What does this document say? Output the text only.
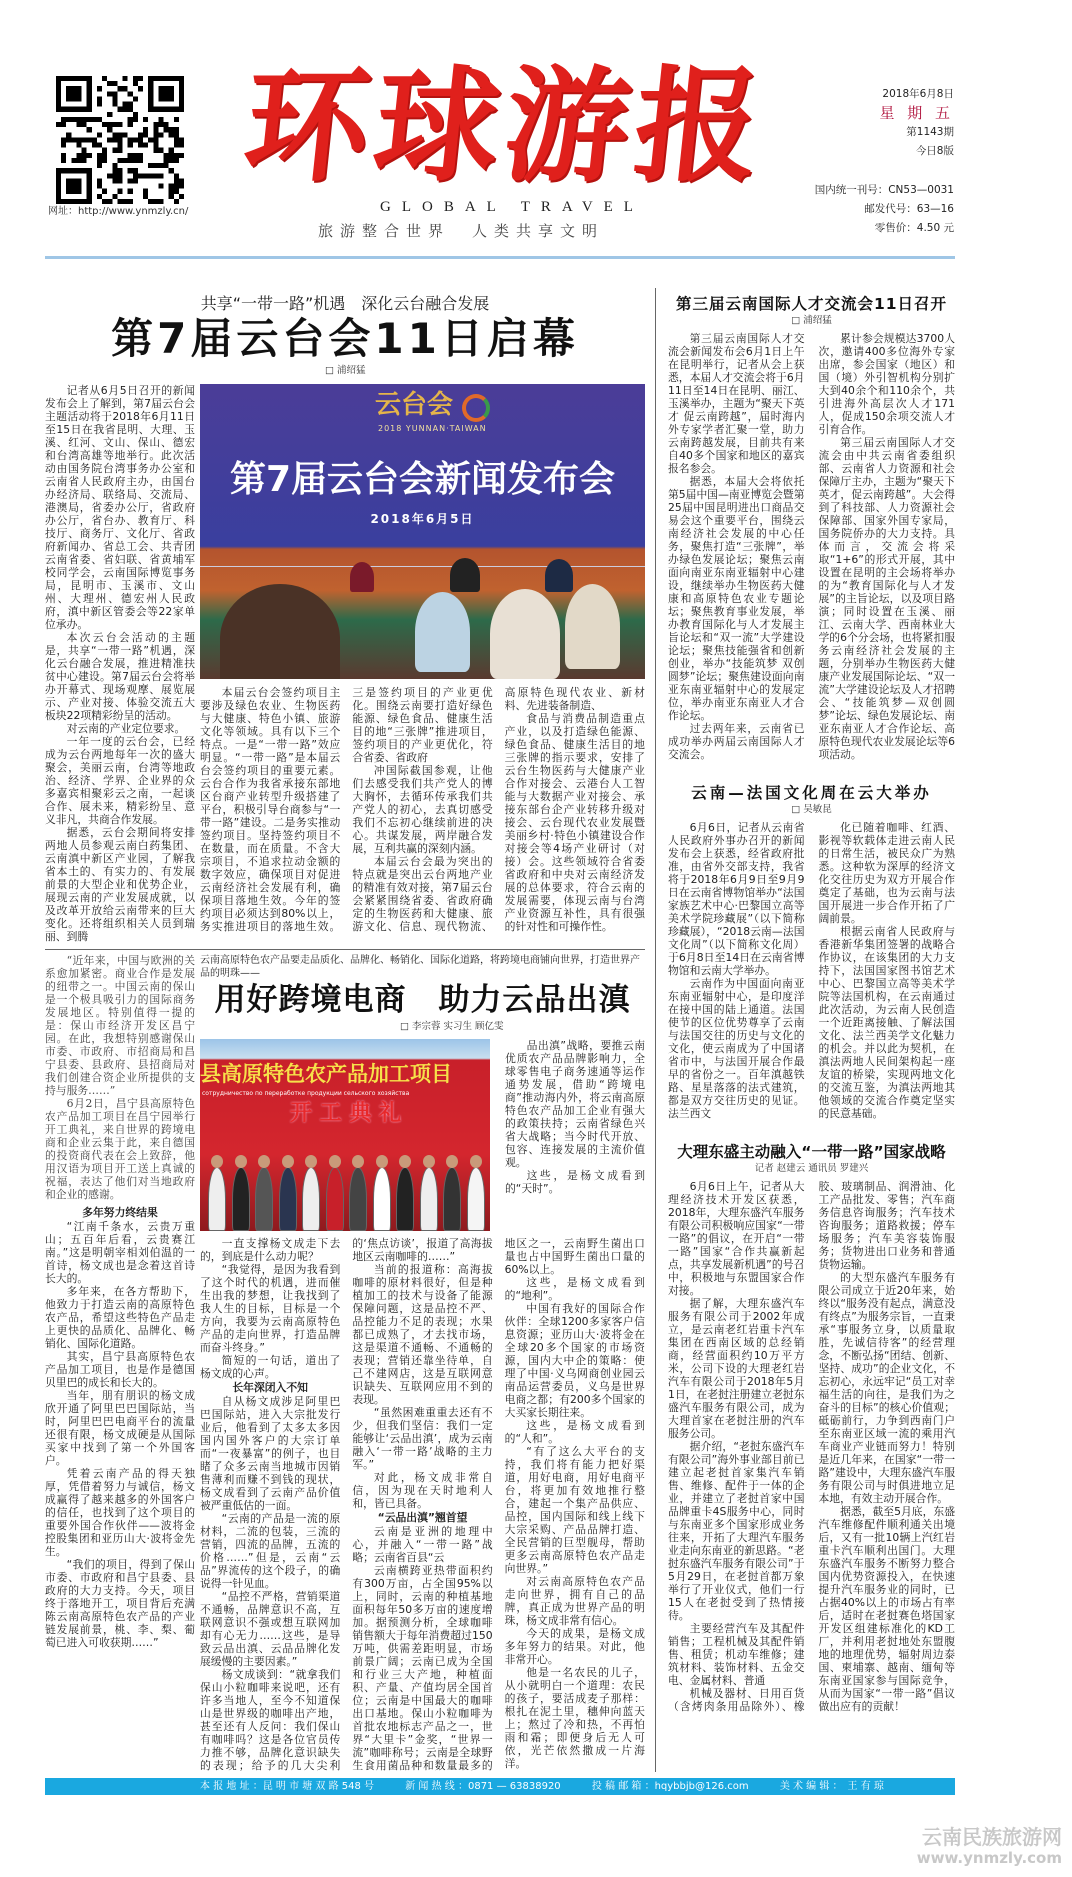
网址：http://www.ynmzly.cn/
环球游报
GLOBAL TRAVEL
旅游整合世界　人类共享文明
2018年6月8日
星 期 五
第1143期
今日8版
国内统一刊号：CN53—0031
邮发代号：63—16
零售价：4.50 元
共享“一带一路”机遇　深化云台融合发展
第7届云台会11日启幕
□ 浦绍猛

记者从6月5日召开的新闻发布会上了解到，第7届云台会主题活动将于2018年6月11日至15日在我省昆明、大理、玉溪、红河、文山、保山、德宏和台湾高雄等地举行。此次活动由国务院台湾事务办公室和云南省人民政府主办，由国台办经济局、联络局、交流局、港澳局，省委办公厅，省政府办公厅，省台办、教育厅、科技厅、商务厅、文化厅、省政府新闻办、省总工会、共青团云南省委、省妇联、省黄埔军校同学会，云南国际博览事务局，昆明市、玉溪市、文山州、大理州、德宏州人民政府，滇中新区管委会等22家单位承办。

本次云台会活动的主题是，共享“一带一路”机遇，深化云台融合发展，推进精准扶贫中心建设。第7届云台会将举办开幕式、现场观摩、展览展示、产业对接、体验交流五大板块22项精彩纷呈的活动。

对云南的产业定位要求。

一年一度的云台会，已经成为云台两地每年一次的盛大聚会，美丽云南，台湾等地政治、经济、学界、企业界的众多嘉宾相聚彩云之南，一起谈合作、展未来，精彩纷呈、意义非凡，共商合作发展。

据悉，云台会期间将安排两地人员参观云南白药集团、云南滇中新区产业园，了解我省本土的、有实力的、有发展前景的大型企业和优势企业，展现云南的产业发展成就，以及改革开放给云南带来的巨大变化。还将组织相关人员到瑞丽、到腾

云台会
2018 YUNNAN·TAIWAN
第7届云台会新闻发布会
2018年6月5日

本届云台会签约项目主要涉及绿色农业、生物医药与大健康、特色小镇、旅游文化等领域。具有以下三个特点。一是“一带一路”效应明显。“一带一路”是本届云台会签约项目的重要元素。云台合作为我省承接东部地区台商产业转型升级搭建了平台，积极引导台商参与“一带一路”建设。二是务实推动签约项目。坚持签约项目不在数量，而在质量。不含大宗项目，不追求拉动金额的数字效应，确保项目对促进云南经济社会发展有利，确保项目落地生效。今年的签约项目必须达到80%以上，务实推进项目的落地生效。三是签约项目的产业更优化。围绕云南要打造好绿色能源、绿色食品、健康生活目的地“三张牌”推进项目，签约项目的产业更优化，符合省委、省政府

冲国际截国参观，让他们去感受我们共产党人的博大胸怀，去循环传承我们共产党人的初心，去真切感受我们不忘初心继续前进的决心。共谋发展，两岸融合发展，互利共赢的深刻内涵。

本届云台会最为突出的特点就是突出云台两地产业的精准有效对接，第7届云台会紧紧围绕省委、省政府确定的生物医药和大健康、旅游文化、信息、现代物流、高原特色现代农业、新材料、先进装备制造、

食品与消费品制造重点产业，以及打造绿色能源、绿色食品、健康生活目的地三张牌的指示要求，安排了云台生物医药与大健康产业合作对接会、云港台人工智能与大数据产业对接会、承接东部台企产业转移升级对接会、云台现代农业发展暨美丽乡村·特色小镇建设合作对接会等4场产业研讨（对接）会。这些领域符合省委省政府和中央对云南经济发展的总体要求，符合云南的发展需要，体现云南与台湾产业资源互补性，具有很强的针对性和可操作性。

“近年来，中国与欧洲的关系愈加紧密。商业合作是发展的纽带之一。中国云南的保山是一个极具吸引力的国际商务发展地区。特别值得一提的是：保山市经济开发区昌宁园。在此，我想特别感谢保山市委、市政府、市招商局和昌宁县委、县政府、县招商局对我们创建合资企业所提供的支持与服务……”

6月2日，昌宁县高原特色农产品加工项目在昌宁园举行开工典礼，来自世界的跨境电商和企业云集于此，来自德国的投资商代表在会上致辞，他用汉语为项目开工送上真诚的祝福，表达了他们对当地政府和企业的感谢。

多年努力终结果

“江南千条水，云贵万重山；五百年后看，云贵赛江南。”这是明朝宰相刘伯温的一首诗，杨文成也是念着这首诗长大的。

多年来，在各方帮助下，他致力于打造云南的高原特色农产品，希望这些特色产品走上更快的品质化、品牌化、畅销化、国际化道路。

其实，昌宁县高原特色农产品加工项目，也是作是德国贝里巴的成长和长大的。

当年，朋有朋识的杨文成欣开通了阿里巴巴国际站，当时，阿里巴巴电商平台的流量还很有限，杨文成硬是从国际买家中找到了第一个外国客户。

凭着云南产品的得天独厚，凭借着努力与诚信，杨文成赢得了越来越多的外国客户的信任，也找到了这个项目的重要外国合作伙伴——波将金控股集团和亚历山大·波将金先生。

“我们的项目，得到了保山市委、市政府和昌宁县委、县政府的大力支持。今天，项目终于落地开工，项目背后充满陈云南高原特色农产品的产业链发展前景，桃、李、梨、葡萄已进入可收获期……”

云南高原特色农产品要走品质化、品牌化、畅销化、国际化道路，将跨境电商铺向世界，打造世界产品的明珠——
用好跨境电商　助力云品出滇
□ 李宗蓉 实习生 顾亿雯
县高原特色农产品加工项目
сотрудничество по переработке продукции сельского хозяйства
开 工 典 礼

品出滇”战略，要推云南优质农产品品牌影响力，全球零售电子商务速通等运作通势发展，借助“跨境电商”推动海内外，将云南高原特色农产品加工企业有强大的政策扶持；云南省绿色兴省大战略；当今时代开放、包容、连接发展的主流价值观。

这些，是杨文成看到的“天时”。

一直支撑杨文成走下去的，到底是什么动力呢？

“我觉得，是因为我看到了这个时代的机遇，进而催生出我的梦想，让我找到了我人生的目标，目标是一个方向，我要为云南高原特色产品的走向世界，打造品牌而奋斗终身。”

简短的一句话，道出了杨文成的心声。

长年深闭入不知

自从杨文成涉足阿里巴巴国际站，进入大宗批发行业后，他看到了太多太多因国内国外客户的大宗订单而“一夜暴富”的例子，也目睹了众多云南当地城市因销售薄利而赚不到钱的现状，杨文成看到了云南产品价值被严重低估的一面。

“云南的产品是一流的原材料，二流的包装，三流的营销，四流的品牌，五流的价格……”但是，云南“云品”界流传的这个段子，的确说得一针见血。

“品控不严格，营销渠道不通畅，品牌意识不高，互联网意识不强或想互联网加却有心无力……这些，是导致云品出滇、云品品牌化发展缓慢的主要因素。”

杨文成谈到：“就拿我们保山小粒咖啡来说吧，还有许多当地人，至今不知道保山是世界级的咖啡出产地，甚至还有人反问：我们保山有咖啡吗？这是各位官员传力推不够，品牌化意识缺失的表现；给予的几大尖利的‘焦点访谈’，报道了高海拔地区云南咖啡的……”

当前的报道称：高海拔咖啡的原材料很好，但是种植加工的技术与设备了能源保障问题，这是品控不严、品控能力不足的表现；水果都已成熟了，才去找市场，这是渠道不通畅、不通畅的表现；营销还靠坐待单，自己不建网店，这是互联网意识缺失、互联网应用不到的表现。

“虽然困难重重去还有不少，但我们坚信：我们一定能够让‘云品出滇’，成为云南融入‘一带一路’战略的主力军。”

对此，杨文成非常自信，因为现在天时地利人和，皆已具备。

“云品出滇”翘首望

云南是亚洲的地理中心，并融入“一带一路”战略；云南省百县“云

云南横跨亚热带面积约有300万亩，占全国95%以上，同时，云南的种植基地面积每年50多万亩的速度增加。据预测分析，全球咖啡销售额大于每年消费超过150万吨，供需差距明显，市场前景广阔；云南已成为全国和行业三大产地，种植面积、产量、产值均居全国首位；云南是中国最大的咖啡出口基地。保山小粒咖啡为首批农地标志产品之一，世界“大里卡”金奖，“世界一流”咖啡称号；云南是全球野生食用菌品种和数量最多的地区之一，云南野生菌出口量也占中国野生菌出口量的60%以上。

这些，是杨文成看到的“地利”。

中国有我好的国际合作伙伴：全球1200多家客户信息资源；亚历山大·波将金在全球20多个国家的市场资源，国内大中企的策略：使理了中国·义乌网商创业园云南品运营委员，义乌是世界电商之都；有200多个国家的大买家长期往来。

这些，是杨文成看到的“人和”。

“有了这么大平台的支持，我们将有能力把好渠道，用好电商，用好电商平台，将更加有效地推行整合，建起一个集产品供应、品控，国内国际和线上线下大宗采购、产品品牌打造、全民营销的巨型舰母，帮助更多云南高原特色农产品走向世界。”

对云南高原特色农产品走向世界，拥有自己的品牌，真正成为世界产品的明珠，杨文成非常有信心。

今天的成果，是杨文成多年努力的结果。对此，他非常开心。

他是一名农民的儿子，从小就明白一个道理：农民的孩子，要活成麦子那样：根扎在泥土里，穗伸向蓝天上；熬过了冷和热，不再怕雨和霜；即便身后无人可依，光芒依然撒成一片海洋。

第三届云南国际人才交流会11日召开
□ 浦绍猛

第三届云南国际人才交流会新闻发布会6月1日上午在昆明举行，记者从会上获悉，本届人才交流会将于6月11日至14日在昆明、丽江、玉溪举办，主题为“聚天下英才 促云南跨越”，届时海内外专家学者汇聚一堂，助力云南跨越发展，目前共有来自40多个国家和地区的嘉宾报名参会。

据悉，本届大会将依托第5届中国—南亚博览会暨第25届中国昆明进出口商品交易会这个重要平台，围绕云南经济社会发展的中心任务，聚焦打造“三张牌”，举办绿色发展论坛；聚焦云南面向南亚东南亚辐射中心建设，继续举办生物医药大健康和高原特色农业专题论坛；聚焦教育事业发展，举办教育国际化与人才发展主旨论坛和“双一流”大学建设论坛；聚焦技能强省和创新创业，举办“技能筑梦 双创圆梦”论坛；聚焦建设面向南亚东南亚辐射中心的发展定位，举办南亚东南亚人才合作论坛。

过去两年来，云南省已成功举办两届云南国际人才交流会。

累计参会规模达3700人次，邀请400多位海外专家出席，参会国家（地区）和国（境）外引智机构分别扩大到40余个和110余个，共引进海外高层次人才171人，促成150余项交流人才引育合作。

第三届云南国际人才交流会由中共云南省委组织部、云南省人力资源和社会保障厅主办，主题为“聚天下英才，促云南跨越”。大会得到了科技部、人力资源社会保障部、国家外国专家局，国务院侨办的大力支持。具体而言，交流会将采取“1+6”的形式开展，其中设置在昆明的主会场将举办的为“教育国际化与人才发展”的主旨论坛，以及项目路演；同时设置在玉溪、丽江、云南大学、西南林业大学的6个分会场，也将紧扣服务云南经济社会发展的主题，分别举办生物医药大健康产业发展国际论坛、“双一流”大学建设论坛及人才招聘会、“技能筑梦—双创圆梦”论坛、绿色发展论坛、南亚东南亚人才合作论坛、高原特色现代农业发展论坛等6项活动。

云南—法国文化周在云大举办
□ 吴敏昆

6月6日，记者从云南省人民政府外事办召开的新闻发布会上获悉，经省政府批准，由省外交部支持，我省将于2018年6月9日至9月9日在云南省博物馆举办“法国家族艺术中心·巴黎国立高等美术学院珍藏展”（以下简称珍藏展），“2018云南—法国文化周”（以下简称文化周）于6月8日至14日在云南省博物馆和云南大学举办。

云南作为中国面向南亚东南亚辐射中心，是印度洋在接中国的陆上通道。法国使节的区位优势尊享了云南与法国交往的历史与文化的文化，使云南成为了中国诸省市中，与法国开展合作最早的省份之一。百年滇越铁路、星星落落的法式建筑，都是双方交往历史的见证。法兰西文

化已随着咖啡、红酒、影视等软载体走进云南人民的日常生活，被民众广为熟悉。这种软为深厚的经济文化交往历史为双方开展合作奠定了基础，也为云南与法国开展进一步合作开拓了广阔前景。

根据云南省人民政府与香港新华集团签署的战略合作协议，在该集团的大力支持下，法国国家图书馆艺术中心、巴黎国立高等美术学院等法国机构，在云南通过此次活动，为云南人民创造一个近距离接触、了解法国文化、法兰西美学文化魅力的机会。并以此为契机，在滇法两地人民间架构起一座友谊的桥梁，实现两地文化的交流互鉴，为滇法两地其他领域的交流合作奠定坚实的民意基础。

大理东盛主动融入“一带一路”国家战略
记者 赵建云 通讯员 罗建兴

6月6日上午，记者从大理经济技术开发区获悉，2018年，大理东盛汽车服务有限公司积极响应国家“一带一路”的倡议，在开启“一带一路”国家“合作共赢新起点，共享发展新机遇”的号召中，积极地与东盟国家合作对接。

据了解，大理东盛汽车服务有限公司于2002年成立，是云南老红岩重卡汽车集团在西南区域的总经销商，经营面积约10万平方米，公司下设的大理老红岩汽车有限公司于2018年5月1日，在老挝注册建立老挝东盛汽车服务有限公司，成为大理首家在老挝注册的汽车服务公司。

据介绍，“老挝东盛汽车有限公司”海外事业部目前已建立起老挝首家集汽车销售、维修、配件于一体的企业，并建立了老挝首家中国品牌重卡4S服务中心，同时与东南亚多个国家形成业务往来，开拓了大理汽车服务业走向东南亚的新思路。“老挝东盛汽车服务有限公司”于5月29日，在老挝首都万象举行了开业仪式，他们一行15人在老挝受到了热情接待。

主要经营汽车及其配件销售；工程机械及其配件销售、租赁；机动车维修；建筑材料、装饰材料、五金交电、金属材料、普通

机械及器材、日用百货（含烤肉条用品除外）、橡胶、玻璃制品、润滑油、化工产品批发、零售；汽车商务信息咨询服务；汽车技术咨询服务；道路救援；停车场服务；汽车美容装饰服务；货物进出口业务和普通货物运输。

的大型东盛汽车服务有限公司成立于近20年来，始终以“服务没有起点，满意没有终点”为服务宗旨，一直秉承“事服务立身，以质量取胜，先诚信待客”的经营理念，不断弘扬“团结、创新、坚持、成功”的企业文化，不忘初心，永远牢记“员工对幸福生活的向往，是我们为之奋斗的目标”的核心价值观；砥砺前行，力争到西南门户至东南亚区域一流的乘用汽车商业产业链而努力！特别是近几年来，在国家“一带一路”建设中，大理东盛汽车服务有限公司与时俱进地立足本地，有效主动开展合作。

据悉，截至5月底，东盛汽车维修配件顺利通关出境后，又有一批10辆上汽红岩重卡汽车顺利出国门。大理东盛汽车服务不断努力整合国内优势资源投入，在快速提升汽车服务业的同时，已占据40%以上的市场占有率后，适时在老挝赛色塔国家开发区组建标准化的KD工厂，并利用老挝地处东盟腹地的地理优势，辐射周边泰国、柬埔寨、越南、缅甸等东南亚国家参与国际竞争，从而为国家“一带一路”倡议做出应有的贡献！

本 报 地 址 ：昆 明 市 塘 双 路 548 号	新 闻 热 线 ：0871 — 63838920	投 稿 邮 箱 ：hqybbjb@126.com	美 术 编 辑 ：　王 有 琼
云南民族旅游网
www.ynmzly.com
